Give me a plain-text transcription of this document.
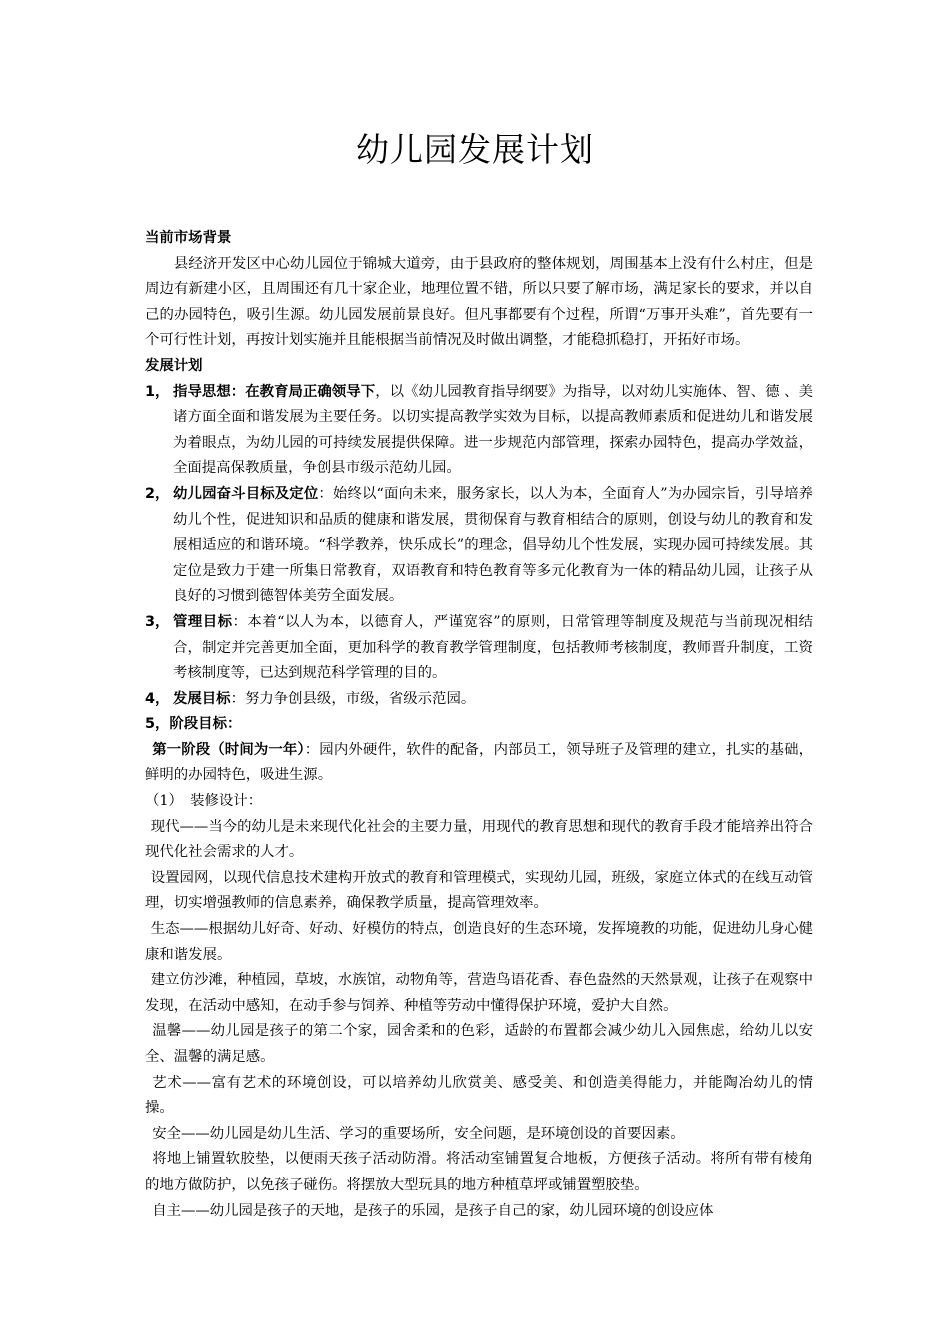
幼儿园发展计划

当前市场背景

县经济开发区中心幼儿园位于锦城大道旁，由于县政府的整体规划，周围基本上没有什么村庄，但是周边有新建小区，且周围还有几十家企业，地理位置不错，所以只要了解市场，满足家长的要求，并以自己的办园特色，吸引生源。幼儿园发展前景良好。但凡事都要有个过程，所谓“万事开头难”，首先要有一个可行性计划，再按计划实施并且能根据当前情况及时做出调整，才能稳抓稳打，开拓好市场。

发展计划

1， 指导思想：在教育局正确领导下，以《幼儿园教育指导纲要》为指导，以对幼儿实施体、智、德 、美诸方面全面和谐发展为主要任务。以切实提高教学实效为目标，以提高教师素质和促进幼儿和谐发展为着眼点，为幼儿园的可持续发展提供保障。进一步规范内部管理，探索办园特色，提高办学效益，全面提高保教质量，争创县市级示范幼儿园。
2， 幼儿园奋斗目标及定位：始终以“面向未来，服务家长，以人为本，全面育人”为办园宗旨，引导培养幼儿个性，促进知识和品质的健康和谐发展，贯彻保育与教育相结合的原则，创设与幼儿的教育和发展相适应的和谐环境。“科学教养，快乐成长”的理念，倡导幼儿个性发展，实现办园可持续发展。其定位是致力于建一所集日常教育，双语教育和特色教育等多元化教育为一体的精品幼儿园，让孩子从良好的习惯到德智体美劳全面发展。
3， 管理目标：本着“以人为本，以德育人，严谨宽容”的原则，日常管理等制度及规范与当前现况相结合，制定并完善更加全面，更加科学的教育教学管理制度，包括教师考核制度，教师晋升制度，工资考核制度等，已达到规范科学管理的目的。
4， 发展目标：努力争创县级，市级，省级示范园。

5，阶段目标：

第一阶段（时间为一年）：园内外硬件，软件的配备，内部员工，领导班子及管理的建立，扎实的基础，鲜明的办园特色，吸进生源。

（1）　装修设计：

现代——当今的幼儿是未来现代化社会的主要力量，用现代的教育思想和现代的教育手段才能培养出符合现代化社会需求的人才。

设置园网，以现代信息技术建构开放式的教育和管理模式，实现幼儿园，班级，家庭立体式的在线互动管理，切实增强教师的信息素养，确保教学质量，提高管理效率。

生态——根据幼儿好奇、好动、好模仿的特点，创造良好的生态环境，发挥境教的功能，促进幼儿身心健康和谐发展。

建立仿沙滩，种植园，草坡，水族馆，动物角等，营造鸟语花香、春色盎然的天然景观，让孩子在观察中发现，在活动中感知，在动手参与饲养、种植等劳动中懂得保护环境，爱护大自然。

温馨——幼儿园是孩子的第二个家，园舍柔和的色彩，适龄的布置都会减少幼儿入园焦虑，给幼儿以安全、温馨的满足感。

艺术——富有艺术的环境创设，可以培养幼儿欣赏美、感受美、和创造美得能力，并能陶冶幼儿的情操。

安全——幼儿园是幼儿生活、学习的重要场所，安全问题，是环境创设的首要因素。

将地上铺置软胶垫，以便雨天孩子活动防滑。将活动室铺置复合地板，方便孩子活动。将所有带有棱角的地方做防护，以免孩子碰伤。将摆放大型玩具的地方种植草坪或铺置塑胶垫。

自主——幼儿园是孩子的天地，是孩子的乐园，是孩子自己的家，幼儿园环境的创设应体
